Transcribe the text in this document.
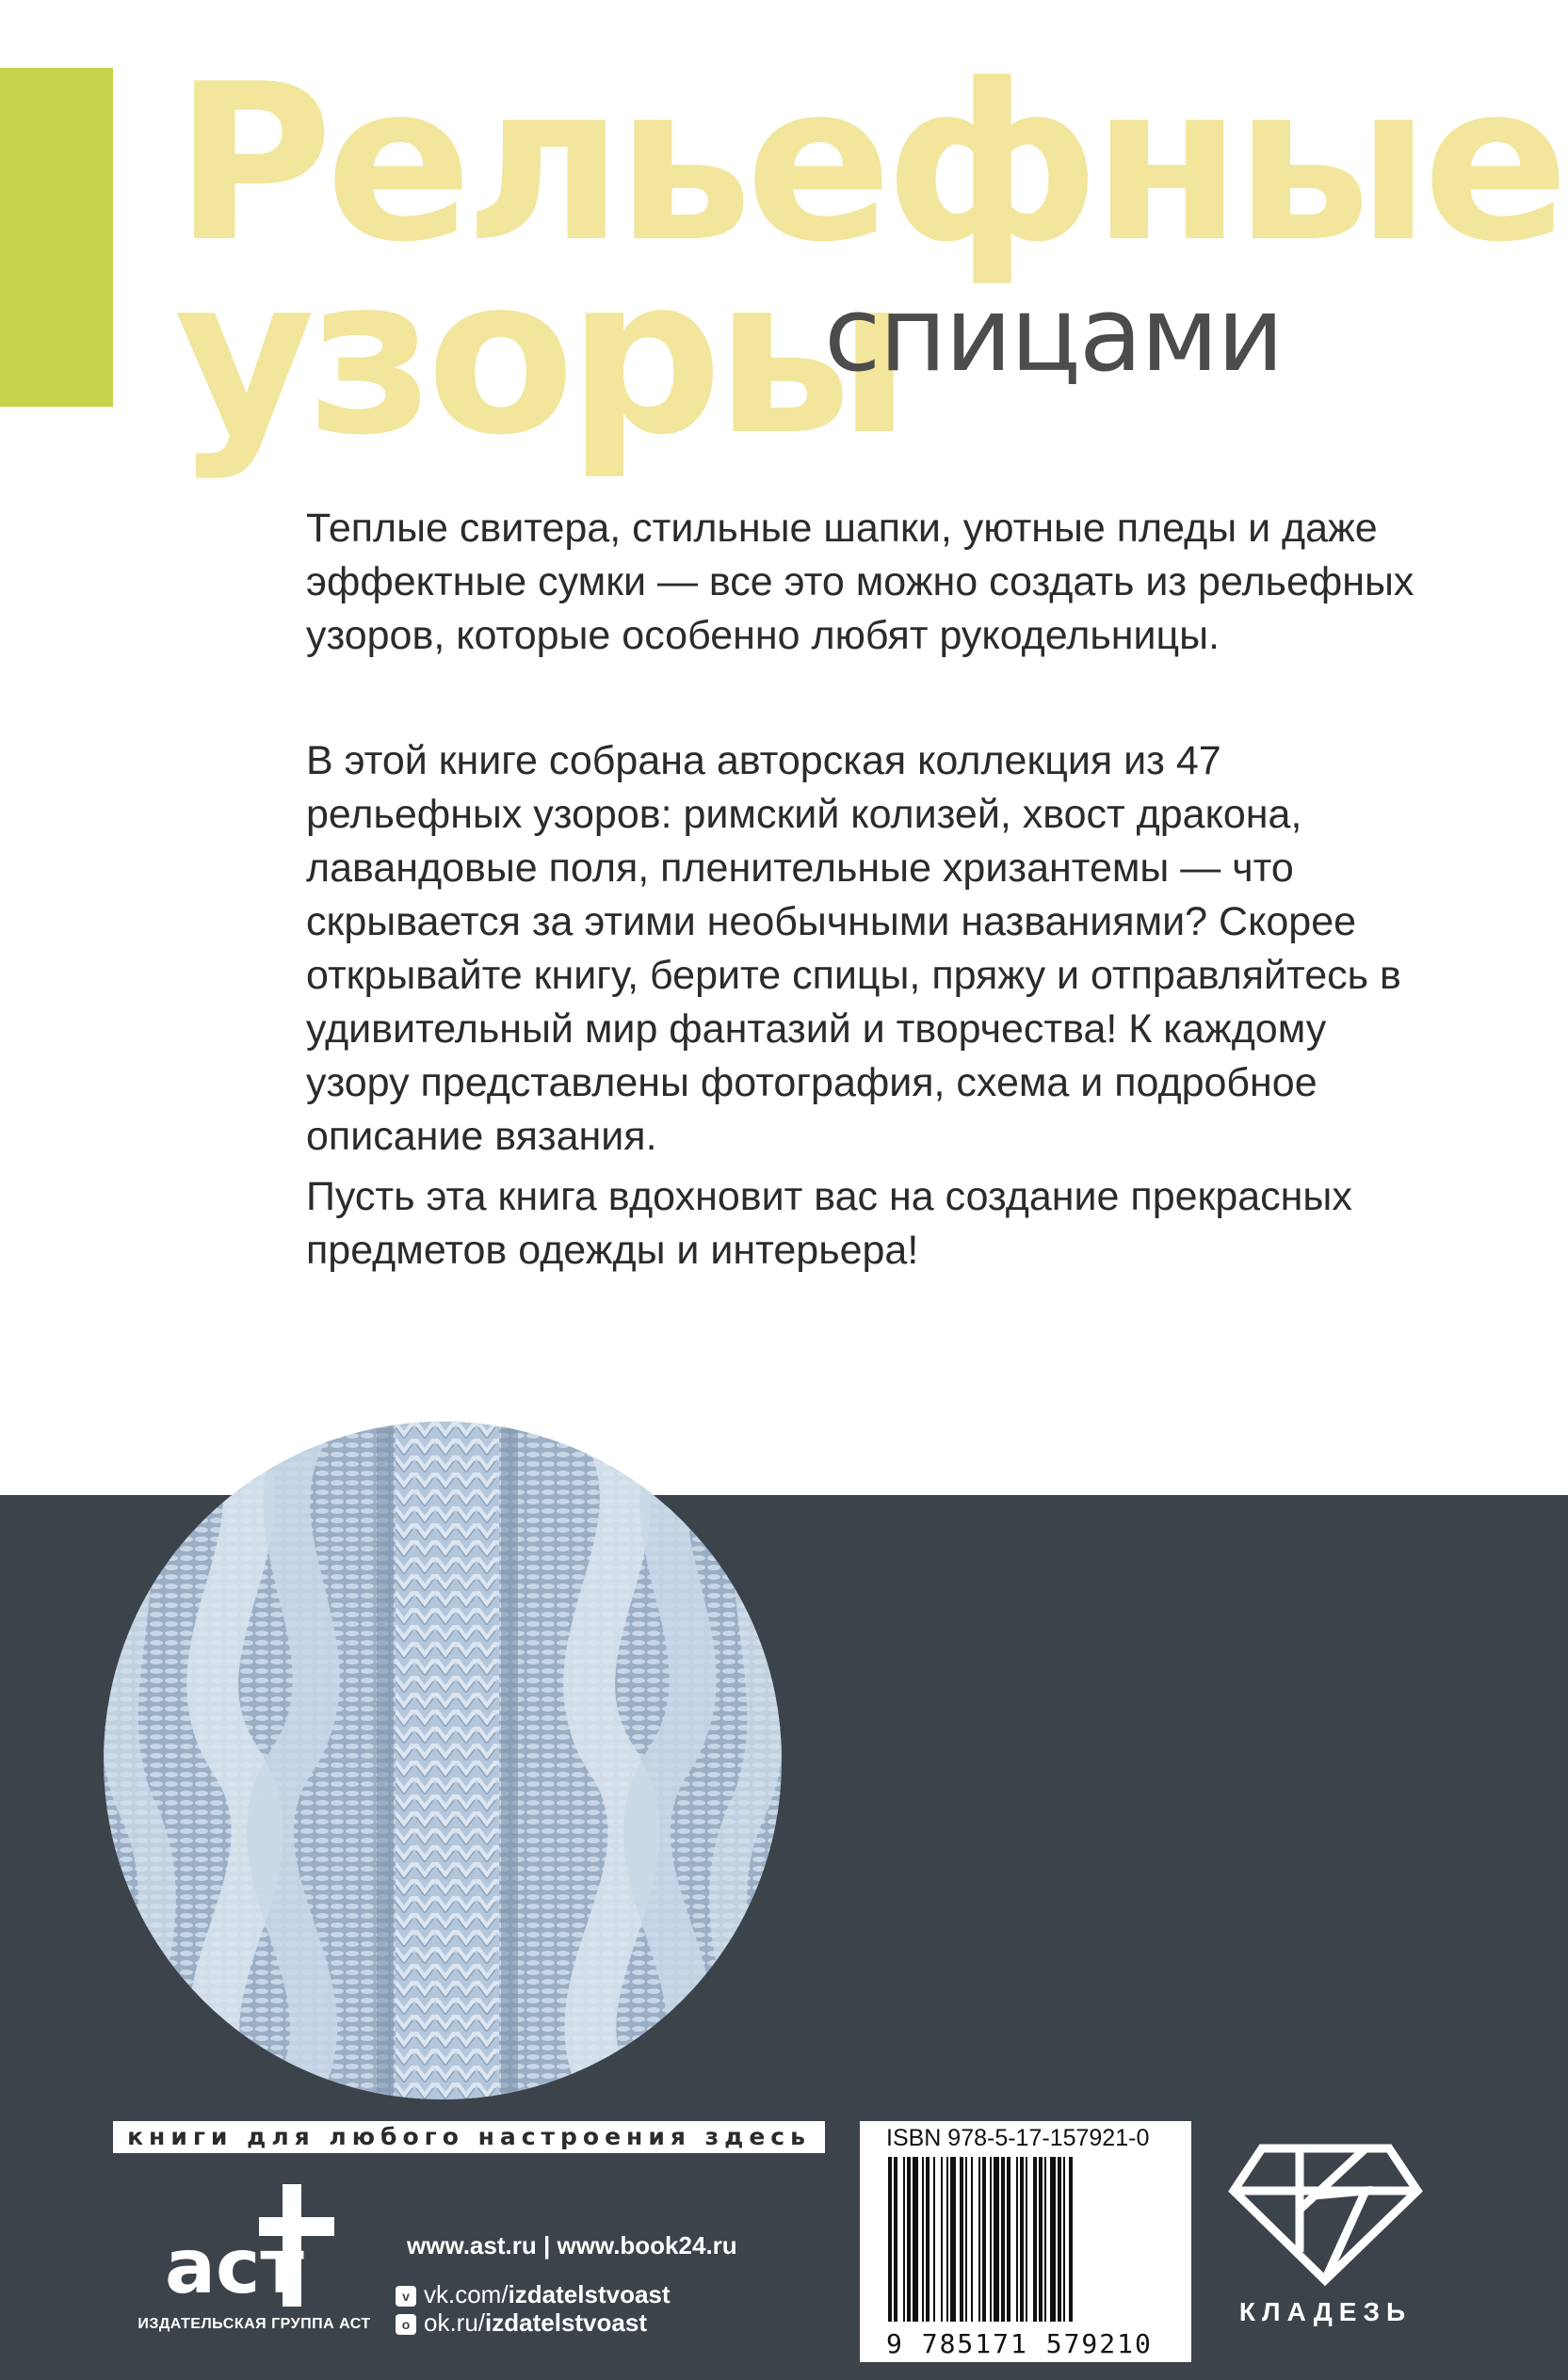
Рельефные
узоры
спицами

Теплые свитера, стильные шапки, уютные пледы и даже эффектные сумки — все это можно создать из рельефных узоров, которые особенно любят рукодельницы.

В этой книге собрана авторская коллекция из 47 рельефных узоров: римский колизей, хвост дракона, лавандовые поля, пленительные хризантемы — что скрывается за этими необычными названиями? Скорее открывайте книгу, берите спицы, пряжу и отправляйтесь в удивительный мир фантазий и творчества! К каждому узору представлены фотография, схема и подробное описание вязания.

Пусть эта книга вдохновит вас на создание прекрасных предметов одежды и интерьера!

книги для любого настроения здесь
аст
ИЗДАТЕЛЬСКАЯ ГРУППА АСТ
www.ast.ru | www.book24.ru
v vk.com/izdatelstvoast
o ok.ru/izdatelstvoast
ISBN 978-5-17-157921-0
9 785171 579210
КЛАДЕЗЬ
